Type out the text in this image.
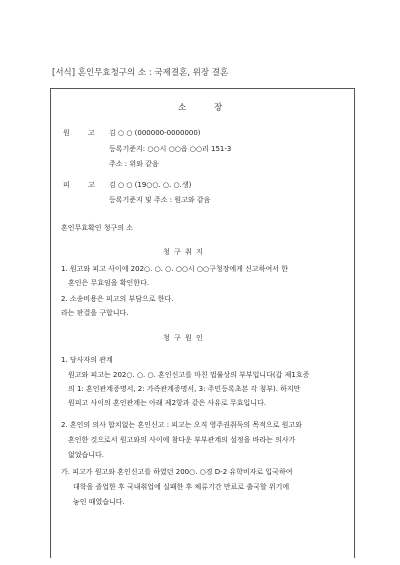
[서식] 혼인무효청구의 소 : 국제결혼, 위장 결혼
소	장
원	고 김 ○ ○ (000000-0000000)
등록기준지: ○○시 ○○읍 ○○리 151-3
주소 : 위와 같음
피	고 김 ○ ○ (19○○. ○. ○.생)
등록기준지 및 주소 : 원고와 같음
혼인무효확인 청구의 소
청 구 취 지
1. 원고와 피고 사이에 202○. ○. ○. ○○시 ○○구청장에게 신고하여서 한
혼인은 무효임을 확인한다.
2. 소송비용은 피고의 부담으로 한다.
라는 판결을 구합니다.
청 구 원 인
1. 당사자의 관계
원고와 피고는 202○. ○. ○. 혼인신고를 마친 법률상의 부부입니다(갑 제1호증
의 1: 혼인관계증명서, 2: 가족관계증명서, 3: 주민등록초본 각 첨부). 하지만
원피고 사이의 혼인관계는 아래 제2항과 같은 사유로 무효입니다.
2. 혼인의 의사 합치없는 혼인신고 : 피고는 오직 영주권취득의 목적으로 원고와
혼인한 것으로서 원고와의 사이에 참다운 부부관계의 설정을 바라는 의사가
없었습니다.
가. 피고가 원고와 혼인신고를 하였던 200○. ○경 D-2 유학비자로 입국하여
대학을 졸업한 후 국내취업에 실패한 후 체류기간 만료로 출국할 위기에
놓인 때였습니다.
